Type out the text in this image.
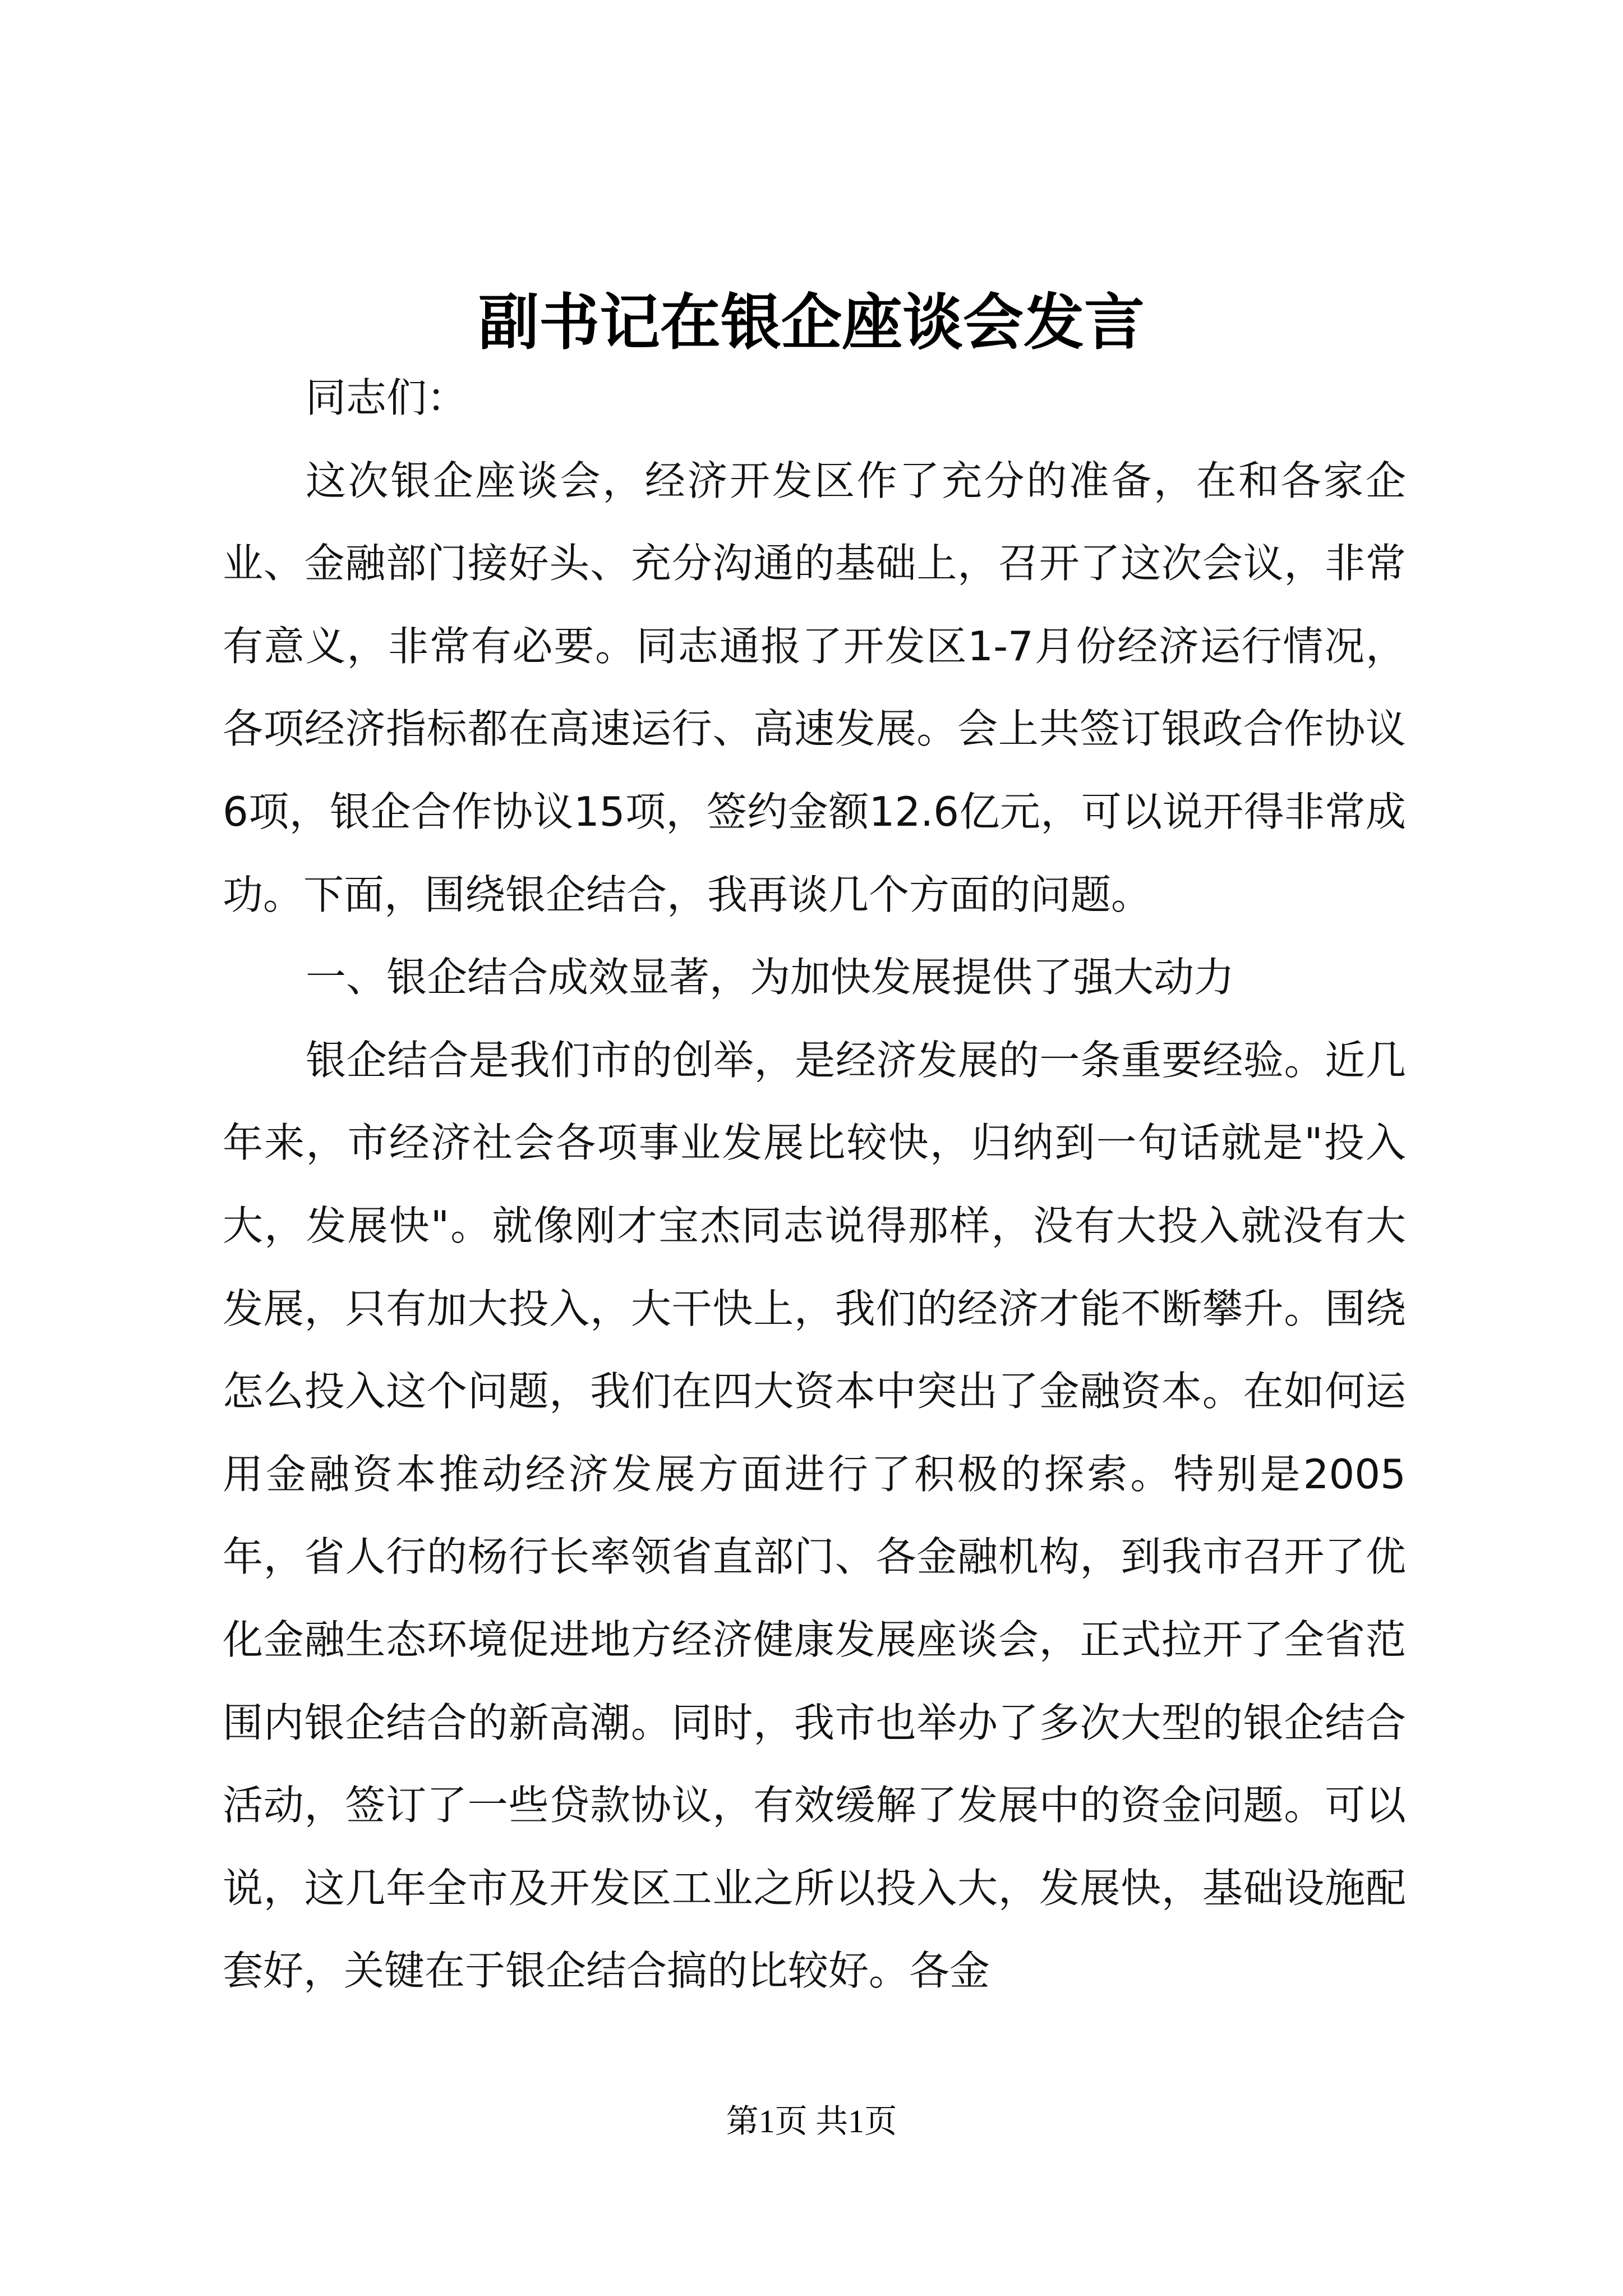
副书记在银企座谈会发言

同志们：

这次银企座谈会，经济开发区作了充分的准备，在和各家企业、金融部门接好头、充分沟通的基础上，召开了这次会议，非常有意义，非常有必要。同志通报了开发区1-7月份经济运行情况，各项经济指标都在高速运行、高速发展。会上共签订银政合作协议6项，银企合作协议15项，签约金额12.6亿元，可以说开得非常成功。下面，围绕银企结合，我再谈几个方面的问题。

一、银企结合成效显著，为加快发展提供了强大动力

银企结合是我们市的创举，是经济发展的一条重要经验。近几年来，市经济社会各项事业发展比较快，归纳到一句话就是"投入大，发展快"。就像刚才宝杰同志说得那样，没有大投入就没有大发展，只有加大投入，大干快上，我们的经济才能不断攀升。围绕怎么投入这个问题，我们在四大资本中突出了金融资本。在如何运用金融资本推动经济发展方面进行了积极的探索。特别是2005年，省人行的杨行长率领省直部门、各金融机构，到我市召开了优化金融生态环境促进地方经济健康发展座谈会，正式拉开了全省范围内银企结合的新高潮。同时，我市也举办了多次大型的银企结合活动，签订了一些贷款协议，有效缓解了发展中的资金问题。可以说，这几年全市及开发区工业之所以投入大，发展快，基础设施配套好，关键在于银企结合搞的比较好。各金

第1页 共1页
